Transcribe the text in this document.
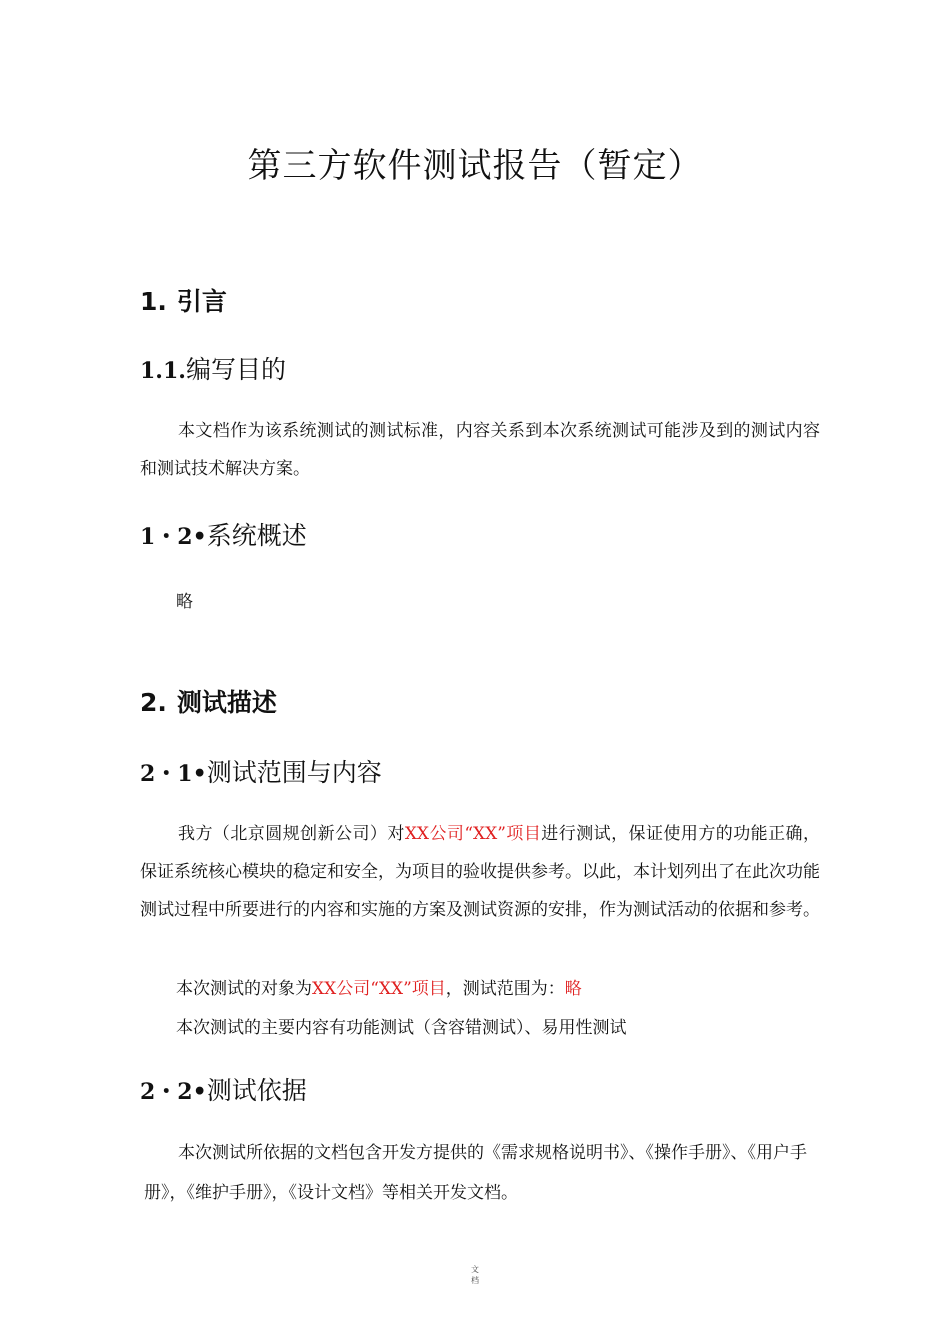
第三方软件测试报告（暂定）
1. 引言
1.1.编写目的

本文档作为该系统测试的测试标准，内容关系到本次系统测试可能涉及到的测试内容和测试技术解决方案。

1・2•系统概述

略

2. 测试描述
2・1•测试范围与内容

我方（北京圆规创新公司）对XX公司“XX”项目进行测试，保证使用方的功能正确，保证系统核心模块的稳定和安全，为项目的验收提供参考。以此，本计划列出了在此次功能测试过程中所要进行的内容和实施的方案及测试资源的安排，作为测试活动的依据和参考。

本次测试的对象为XX公司“XX”项目，测试范围为：略

本次测试的主要内容有功能测试（含容错测试）、易用性测试

2・2•测试依据

本次测试所依据的文档包含开发方提供的《需求规格说明书》、《操作手册》、《用户手册》，《维护手册》，《设计文档》等相关开发文档。

文
档
